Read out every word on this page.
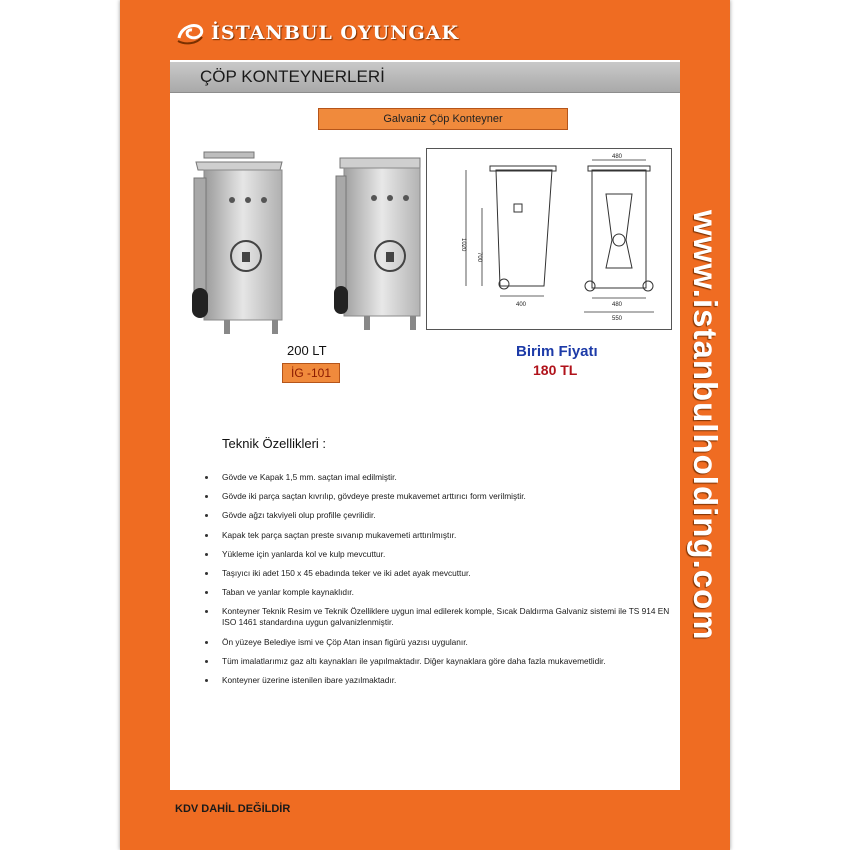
İSTANBUL OYUNGAK
www.istanbulholding.com
ÇÖP KONTEYNERLERİ
Galvaniz Çöp Konteyner
480
1020
700
400	480
550
200 LT
İG -101
Birim Fiyatı
180 TL
Teknik Özellikleri :
Gövde ve Kapak 1,5 mm. saçtan imal edilmiştir.
Gövde iki parça saçtan kıvrılıp, gövdeye preste mukavemet arttırıcı form verilmiştir.
Gövde ağzı takviyeli olup profille çevrilidir.
Kapak tek parça saçtan preste sıvanıp mukavemeti arttırılmıştır.
Yükleme için yanlarda kol ve kulp mevcuttur.
Taşıyıcı iki adet 150 x 45 ebadında teker ve iki adet ayak mevcuttur.
Taban ve yanlar komple kaynaklıdır.
Konteyner Teknik Resim ve Teknik Özelliklere uygun imal edilerek komple, Sıcak Daldırma Galvaniz sistemi ile TS 914 EN ISO 1461 standardına uygun galvanizlenmiştir.
Ön yüzeye Belediye ismi ve Çöp Atan insan figürü yazısı uygulanır.
Tüm imalatlarımız gaz altı kaynakları ile yapılmaktadır. Diğer kaynaklara göre daha fazla mukavemetlidir.
Konteyner üzerine istenilen ibare yazılmaktadır.
KDV DAHİL DEĞİLDİR
